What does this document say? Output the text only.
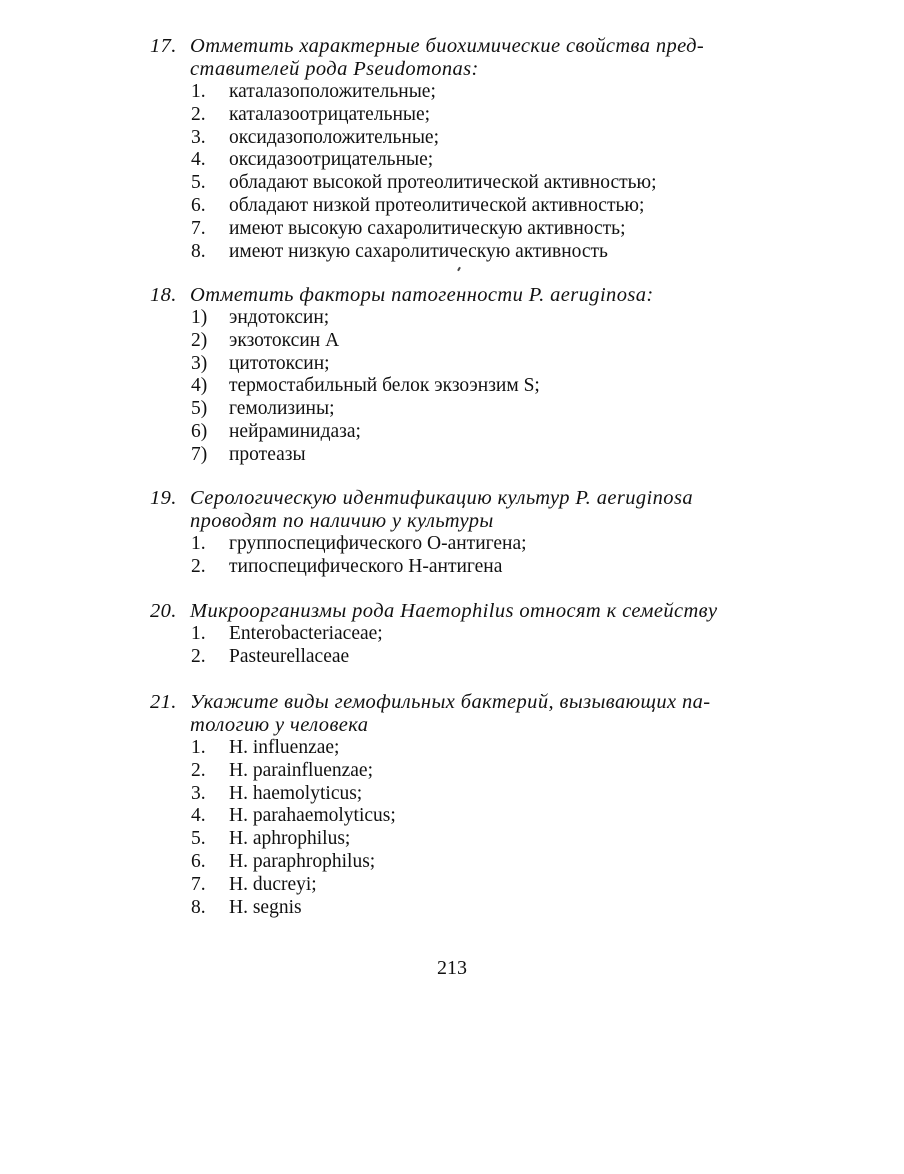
17. Отметить характерные биохимические свойства пред-
ставителей рода Pseudomonas:
1.	каталазоположительные;
2.	каталазоотрицательные;
3.	оксидазоположительные;
4.	оксидазоотрицательные;
5.	обладают высокой протеолитической активностью;
6.	обладают низкой протеолитической активностью;
7.	имеют высокую сахаролитическую активность;
8.	имеют низкую сахаролитическую активность
18. Отметить факторы патогенности P. aeruginosa:
1)	эндотоксин;
2)	экзотоксин A
3)	цитотоксин;
4)	термостабильный белок экзоэнзим S;
5)	гемолизины;
6)	нейраминидаза;
7)	протеазы
19. Серологическую идентификацию культур P. aeruginosa
проводят по наличию у культуры
1.	группоспецифического О-антигена;
2.	типоспецифического Н-антигена
20. Микроорганизмы рода Haemophilus относят к семейству
1.	Enterobacteriaceae;
2.	Pasteurellaceae
21. Укажите виды гемофильных бактерий, вызывающих па-
тологию у человека
1.	H. influenzae;
2.	H. parainfluenzae;
3.	H. haemolyticus;
4.	H. parahaemolyticus;
5.	H. aphrophilus;
6.	H. paraphrophilus;
7.	H. ducreyi;
8.	H. segnis
213
